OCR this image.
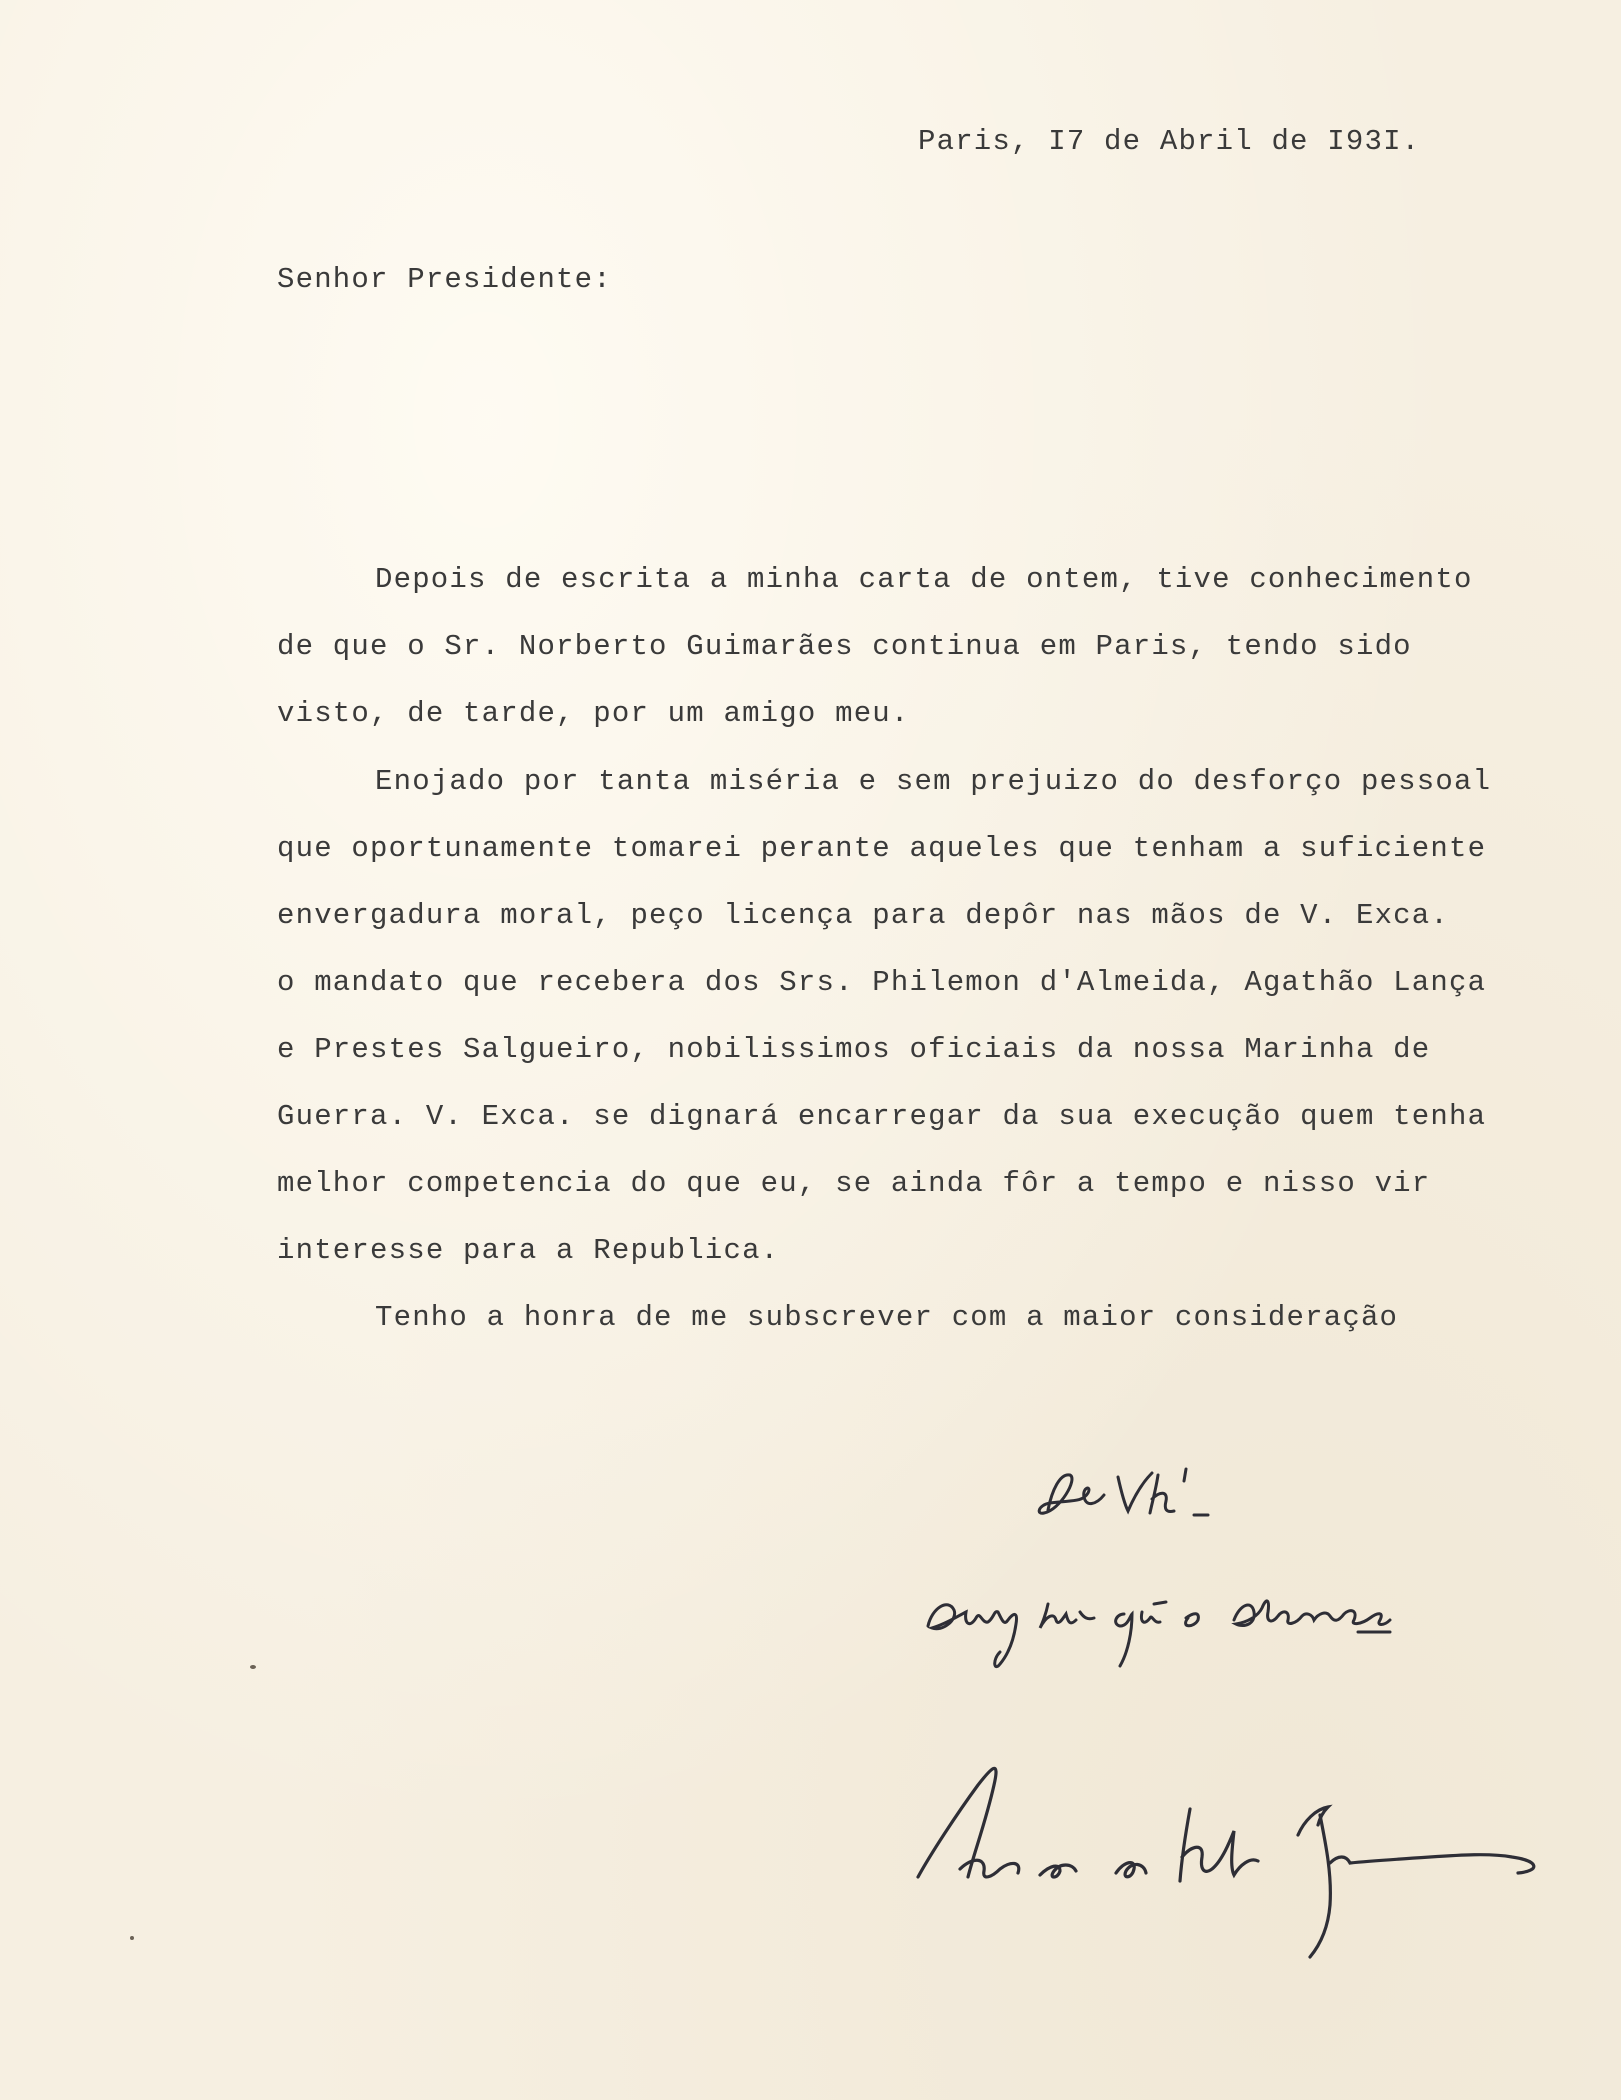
Paris, I7 de Abril de I93I.

Senhor Presidente:

Depois de escrita a minha carta de ontem, tive conhecimento

de que o Sr. Norberto Guimarães continua em Paris, tendo sido

visto, de tarde, por um amigo meu.

Enojado por tanta miséria e sem prejuizo do desforço pessoal

que oportunamente tomarei perante aqueles que tenham a suficiente

envergadura moral, peço licença para depôr nas mãos de V. Exca.

o mandato que recebera dos Srs. Philemon d'Almeida, Agathão Lança

e Prestes Salgueiro, nobilissimos oficiais da nossa Marinha de

Guerra. V. Exca. se dignará encarregar da sua execução quem tenha

melhor competencia do que eu, se ainda fôr a tempo e nisso vir

interesse para a Republica.

Tenho a honra de me subscrever com a maior consideração
